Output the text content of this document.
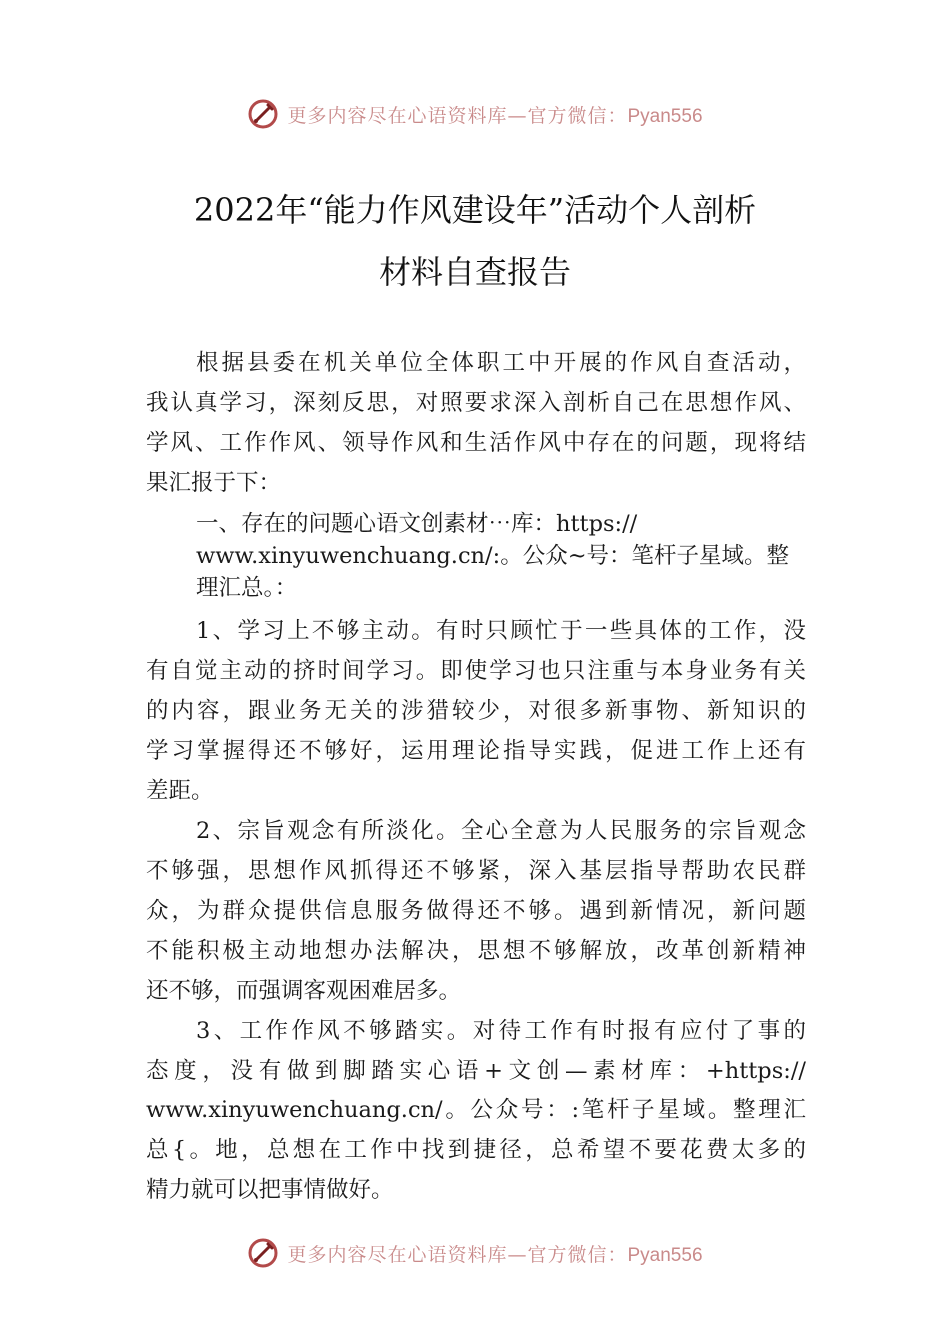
更多内容尽在心语资料库—官方微信：Pyan556
2022年“能力作风建设年”活动个人剖析
材料自查报告
根据县委在机关单位全体职工中开展的作风自查活动，
我认真学习，深刻反思，对照要求深入剖析自己在思想作风、
学风、工作作风、领导作风和生活作风中存在的问题，现将结
果汇报于下：
一、存在的问题心语文创素材⋯库：https://
www.xinyuwenchuang.cn/:。公众~号：笔杆子星域。整
理汇总。：
1、学习上不够主动。有时只顾忙于一些具体的工作，没
有自觉主动的挤时间学习。即使学习也只注重与本身业务有关
的内容，跟业务无关的涉猎较少，对很多新事物、新知识的
学习掌握得还不够好，运用理论指导实践，促进工作上还有
差距。
2、宗旨观念有所淡化。全心全意为人民服务的宗旨观念
不够强，思想作风抓得还不够紧，深入基层指导帮助农民群
众，为群众提供信息服务做得还不够。遇到新情况，新问题
不能积极主动地想办法解决，思想不够解放，改革创新精神
还不够，而强调客观困难居多。
3、工作作风不够踏实。对待工作有时报有应付了事的
态度，没有做到脚踏实心语+文创—素材库：+https://
www.xinyuwenchuang.cn/。公众号：:笔杆子星域。整理汇
总{。地，总想在工作中找到捷径，总希望不要花费太多的
精力就可以把事情做好。
更多内容尽在心语资料库—官方微信：Pyan556
